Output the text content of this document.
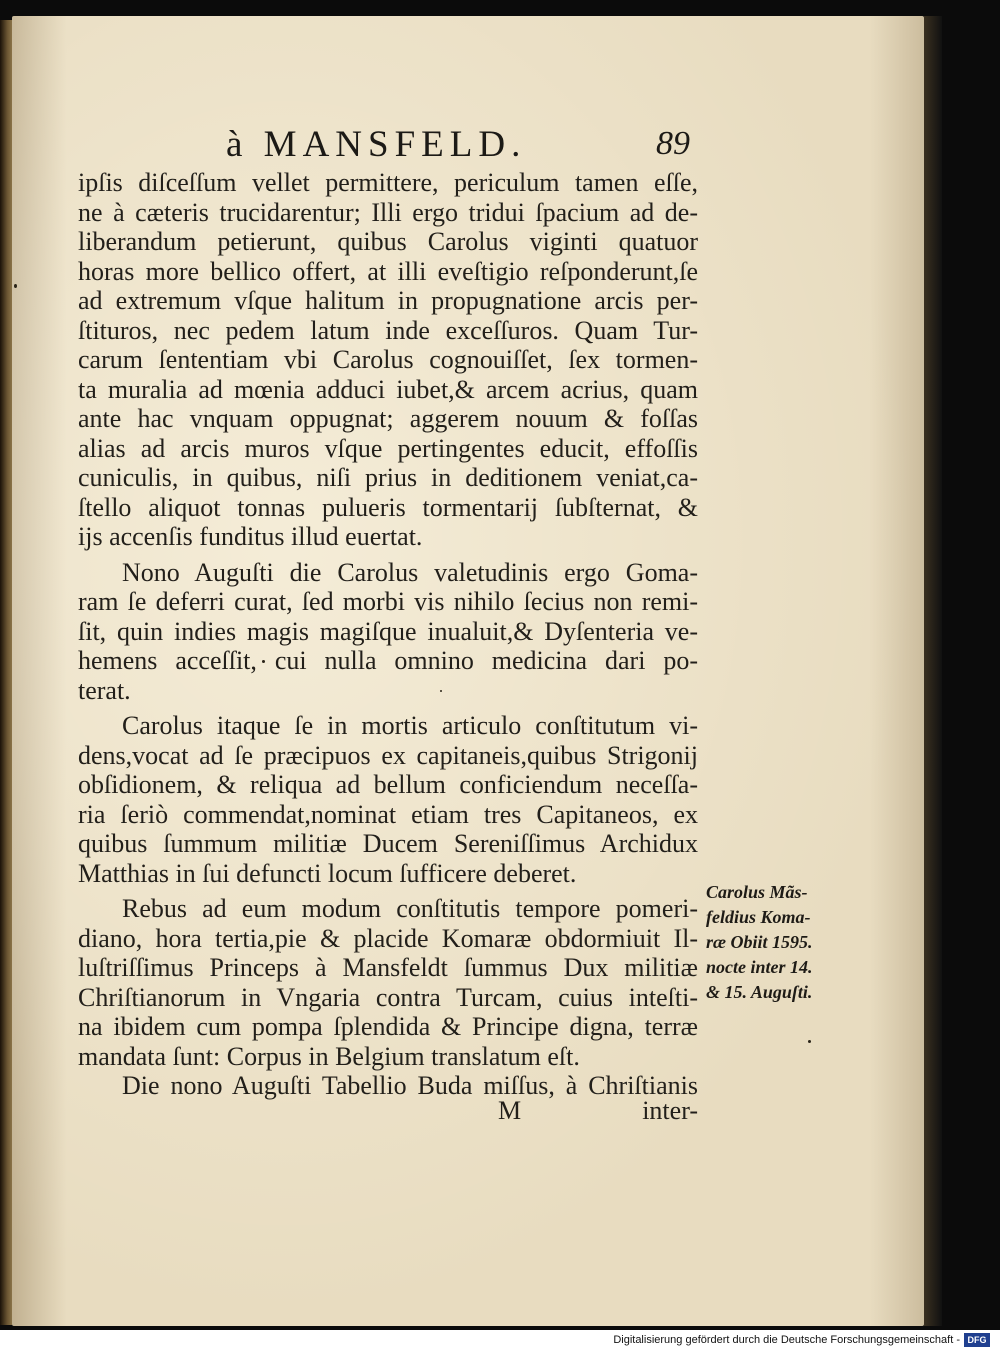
à MANSFELD.	89
ipſis diſceſſum vellet permittere, periculum tamen eſſe,
ne à cæteris trucidarentur; Illi ergo tridui ſpacium ad de-
liberandum petierunt, quibus Carolus viginti quatuor
horas more bellico offert, at illi eveſtigio reſponderunt,ſe
ad extremum vſque halitum in propugnatione arcis per-
ſtituros, nec pedem latum inde exceſſuros. Quam Tur-
carum ſententiam vbi Carolus cognouiſſet, ſex tormen-
ta muralia ad mœnia adduci iubet,& arcem acrius, quam
ante hac vnquam oppugnat; aggerem nouum & foſſas
alias ad arcis muros vſque pertingentes educit, effoſſis
cuniculis, in quibus, niſi prius in deditionem veniat,ca-
ſtello aliquot tonnas pulueris tormentarij ſubſternat, &
ijs accenſis funditus illud euertat.
Nono Auguſti die Carolus valetudinis ergo Goma-
ram ſe deferri curat, ſed morbi vis nihilo ſecius non remi-
ſit, quin indies magis magiſque inualuit,& Dyſenteria ve-
hemens acceſſit, cui nulla omnino medicina dari po-
terat.
Carolus itaque ſe in mortis articulo conſtitutum vi-
dens,vocat ad ſe præcipuos ex capitaneis,quibus Strigonij
obſidionem, & reliqua ad bellum conficiendum neceſſa-
ria ſeriò commendat,nominat etiam tres Capitaneos, ex
quibus ſummum militiæ Ducem Sereniſſimus Archidux
Matthias in ſui defuncti locum ſufficere deberet.
Rebus ad eum modum conſtitutis tempore pomeri-
diano, hora tertia,pie & placide Komaræ obdormiuit Il-
luſtriſſimus Princeps à Mansfeldt ſummus Dux militiæ
Chriſtianorum in Vngaria contra Turcam, cuius inteſti-
na ibidem cum pompa ſplendida & Principe digna, terræ
mandata ſunt: Corpus in Belgium translatum eſt.
Die nono Auguſti Tabellio Buda miſſus, à Chriſtianis
M	inter-
Carolus Mãs-
feldius Koma-
ræ Obiit 1595.
nocte inter 14.
& 15. Auguſti.
Digitalisierung gefördert durch die Deutsche Forschungsgemeinschaft - DFG
